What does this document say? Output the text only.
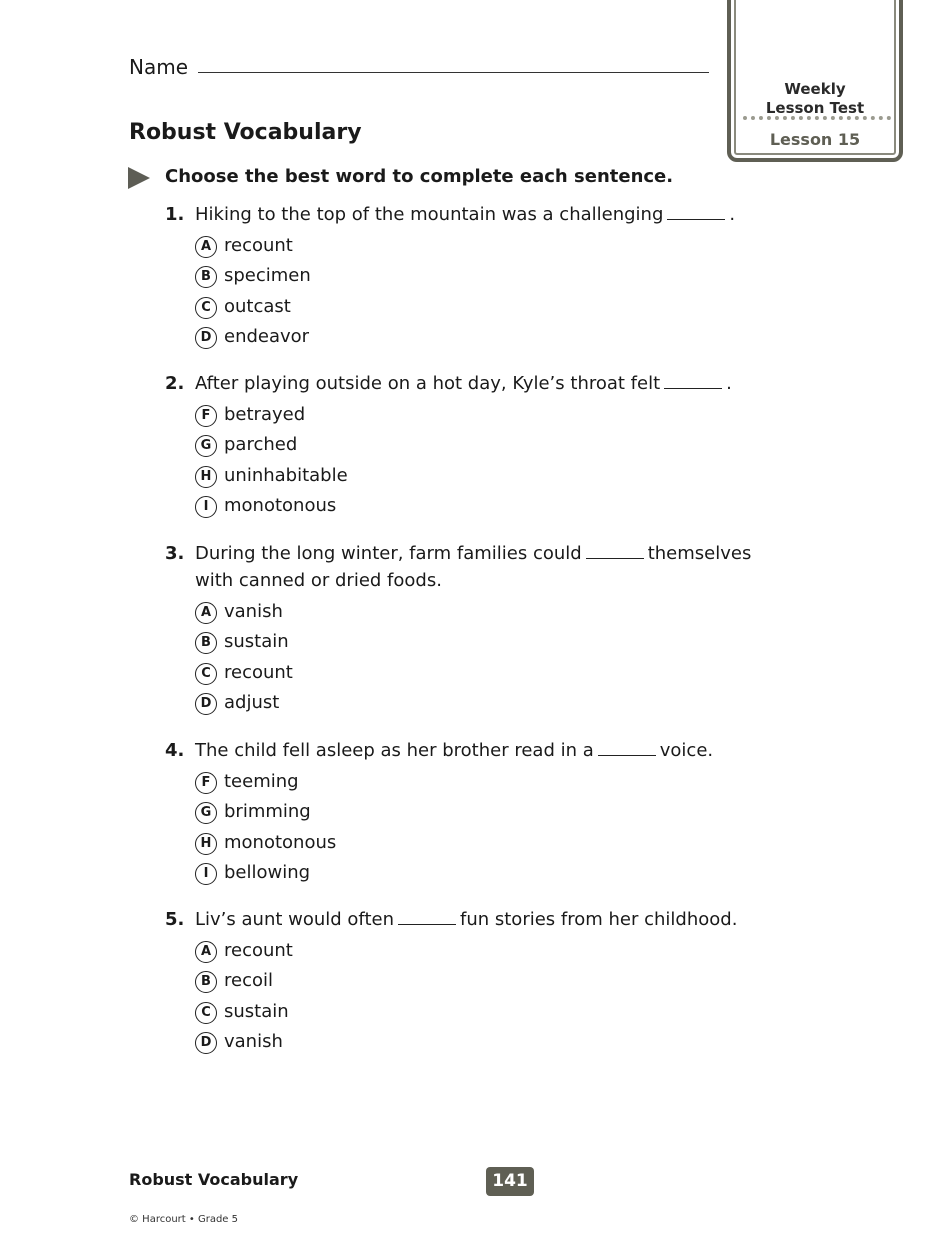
Name
Weekly
Lesson Test
Lesson 15
Robust Vocabulary
Choose the best word to complete each sentence.
1. Hiking to the top of the mountain was a challenging	.
A recount
B specimen
C outcast
D endeavor
2. After playing outside on a hot day, Kyle’s throat felt	.
F betrayed
G parched
H uninhabitable
I monotonous
3. During the long winter, farm families could	themselves with canned or dried foods.
A vanish
B sustain
C recount
D adjust
4. The child fell asleep as her brother read in a	voice.
F teeming
G brimming
H monotonous
I bellowing
5. Liv’s aunt would often	fun stories from her childhood.
A recount
B recoil
C sustain
D vanish
Robust Vocabulary	141
© Harcourt • Grade 5
